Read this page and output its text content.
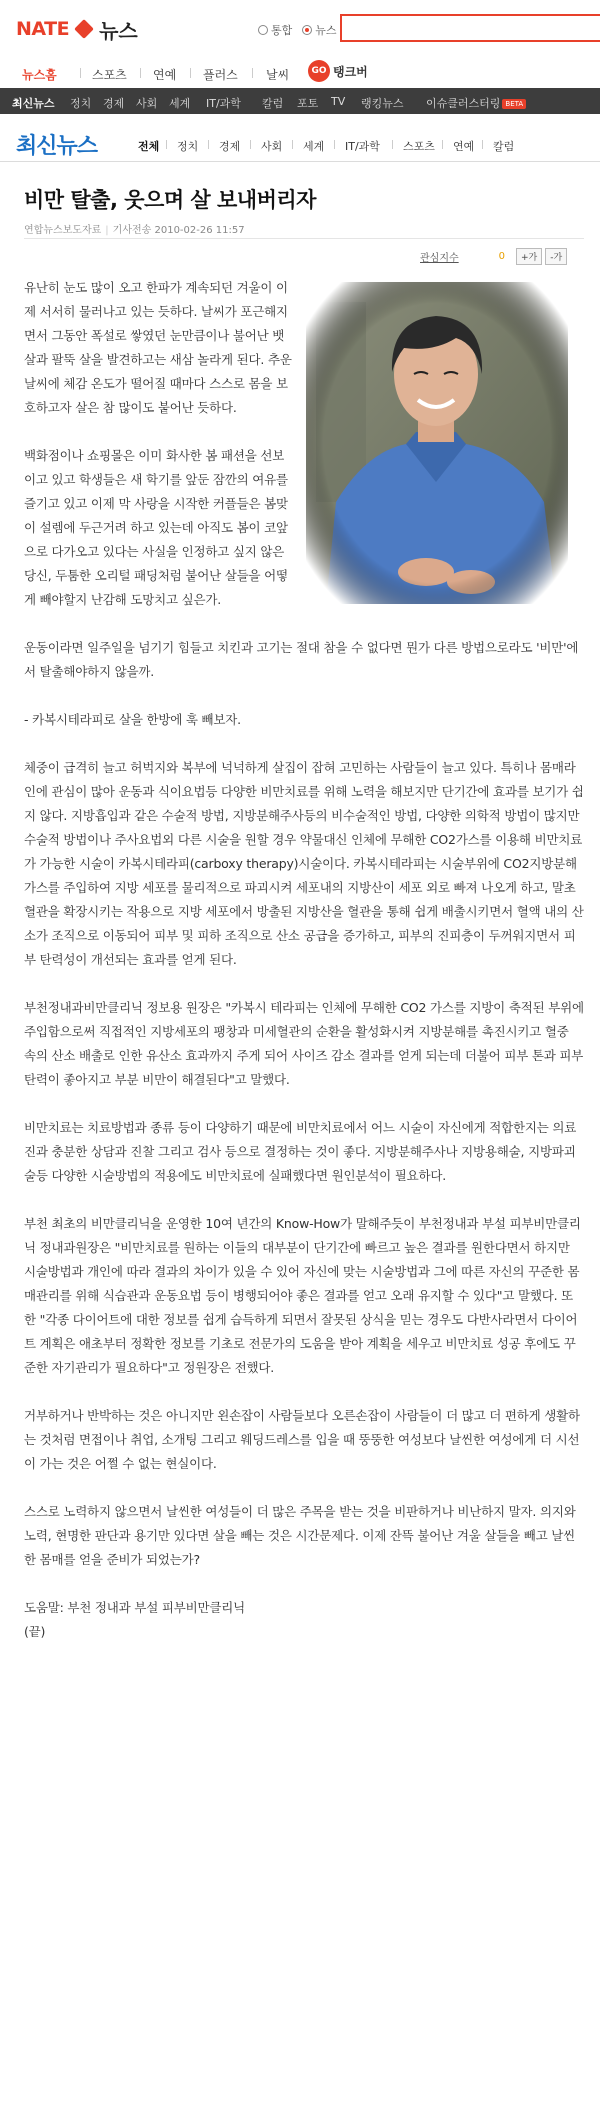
NATE 뉴스	통합	뉴스
뉴스홈	스포츠 연예 플러스 날씨	GO 탱크버
최신뉴스 정치 경제 사회 세계 IT/과학 칼럼 포토 TV 랭킹뉴스 이슈클러스터링 BETA
최신뉴스	전체 정치 경제 사회 세계 IT/과학 스포츠 연예 칼럼
비만 탈출, 웃으며 살 보내버리자
연합뉴스보도자료 | 기사전송 2010-02-26 11:57
관심지수	0	+가	-가

유난히 눈도 많이 오고 한파가 계속되던 겨울이 이제 서서히 물러나고 있는 듯하다. 날씨가 포근해지면서 그동안 폭설로 쌓였던 눈만큼이나 불어난 뱃살과 팔뚝 살을 발견하고는 새삼 놀라게 된다. 추운 날씨에 체감 온도가 떨어질 때마다 스스로 몸을 보호하고자 살은 참 많이도 붙어난 듯하다.

백화점이나 쇼핑몰은 이미 화사한 봄 패션을 선보이고 있고 학생들은 새 학기를 앞둔 잠깐의 여유를 즐기고 있고 이제 막 사랑을 시작한 커플들은 봄맞이 설렘에 두근거려 하고 있는데 아직도 봄이 코앞으로 다가오고 있다는 사실을 인정하고 싶지 않은 당신, 두툼한 오리털 패딩처럼 붙어난 살들을 어떻게 빼야할지 난감해 도망치고 싶은가.

운동이라면 일주일을 넘기기 힘들고 치킨과 고기는 절대 참을 수 없다면 뭔가 다른 방법으로라도 '비만'에서 탈출해야하지 않을까.

- 카복시테라피로 살을 한방에 훅 빼보자.

체중이 급격히 늘고 허벅지와 복부에 넉넉하게 살집이 잡혀 고민하는 사람들이 늘고 있다. 특히나 몸매라인에 관심이 많아 운동과 식이요법등 다양한 비만치료를 위해 노력을 해보지만 단기간에 효과를 보기가 쉽지 않다. 지방흡입과 같은 수술적 방법, 지방분해주사등의 비수술적인 방법, 다양한 의학적 방법이 많지만 수술적 방법이나 주사요법외 다른 시술을 원할 경우 약물대신 인체에 무해한 CO2가스를 이용해 비만치료가 가능한 시술이 카복시테라피(carboxy therapy)시술이다. 카복시테라피는 시술부위에 CO2지방분해 가스를 주입하여 지방 세포를 물리적으로 파괴시켜 세포내의 지방산이 세포 외로 빠져 나오게 하고, 말초 혈관을 확장시키는 작용으로 지방 세포에서 방출된 지방산을 혈관을 통해 쉽게 배출시키면서 혈액 내의 산소가 조직으로 이동되어 피부 및 피하 조직으로 산소 공급을 증가하고, 피부의 진피층이 두꺼워지면서 피부 탄력성이 개선되는 효과를 얻게 된다.

부천정내과비만클리닉 정보용 원장은 "카복시 테라피는 인체에 무해한 CO2 가스를 지방이 축적된 부위에 주입함으로써 직접적인 지방세포의 팽창과 미세혈관의 순환을 활성화시켜 지방분해를 촉진시키고 혈중 속의 산소 배출로 인한 유산소 효과까지 주게 되어 사이즈 감소 결과를 얻게 되는데 더불어 피부 톤과 피부 탄력이 좋아지고 부분 비만이 해결된다"고 말했다.

비만치료는 치료방법과 종류 등이 다양하기 때문에 비만치료에서 어느 시술이 자신에게 적합한지는 의료진과 충분한 상담과 진찰 그리고 검사 등으로 결정하는 것이 좋다. 지방분해주사나 지방용해술, 지방파괴술등 다양한 시술방법의 적용에도 비만치료에 실패했다면 원인분석이 필요하다.

부천 최초의 비만클리닉을 운영한 10여 년간의 Know-How가 말해주듯이 부천정내과 부설 피부비만클리닉 정내과원장은 "비만치료를 원하는 이들의 대부분이 단기간에 빠르고 높은 결과를 원한다면서 하지만 시술방법과 개인에 따라 결과의 차이가 있을 수 있어 자신에 맞는 시술방법과 그에 따른 자신의 꾸준한 몸매관리를 위해 식습관과 운동요법 등이 병행되어야 좋은 결과를 얻고 오래 유지할 수 있다"고 말했다. 또한 "각종 다이어트에 대한 정보를 쉽게 습득하게 되면서 잘못된 상식을 믿는 경우도 다반사라면서 다이어트 계획은 애초부터 정확한 정보를 기초로 전문가의 도움을 받아 계획을 세우고 비만치료 성공 후에도 꾸준한 자기관리가 필요하다"고 정원장은 전했다.

거부하거나 반박하는 것은 아니지만 왼손잡이 사람들보다 오른손잡이 사람들이 더 많고 더 편하게 생활하는 것처럼 면접이나 취업, 소개팅 그리고 웨딩드레스를 입을 때 뚱뚱한 여성보다 날씬한 여성에게 더 시선이 가는 것은 어쩔 수 없는 현실이다.

스스로 노력하지 않으면서 날씬한 여성들이 더 많은 주목을 받는 것을 비판하거나 비난하지 말자. 의지와 노력, 현명한 판단과 용기만 있다면 살을 빼는 것은 시간문제다. 이제 잔뜩 불어난 겨울 살들을 빼고 날씬한 몸매를 얻을 준비가 되었는가?

도움말: 부천 정내과 부설 피부비만클리닉

(끝)
